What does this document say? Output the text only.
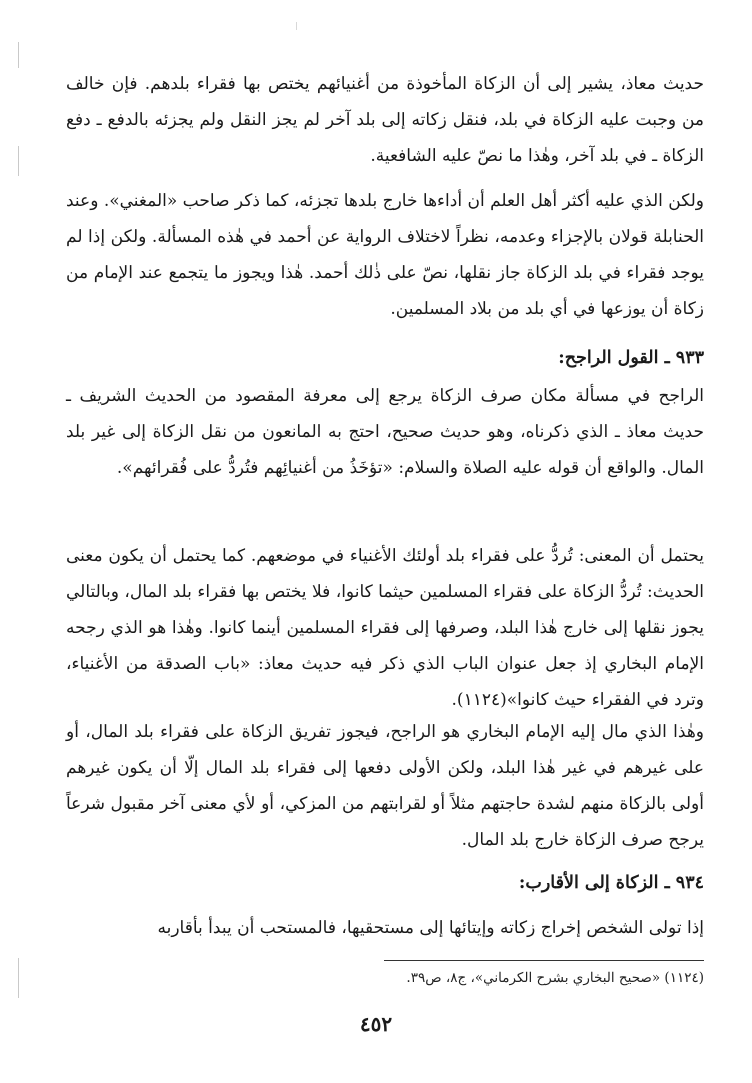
حديث معاذ، يشير إلى أن الزكاة المأخوذة من أغنيائهم يختص بها فقراء بلدهم. فإن خالف من وجبت عليه الزكاة في بلد، فنقل زكاته إلى بلد آخر لم يجز النقل ولم يجزئه بالدفع ـ دفع الزكاة ـ في بلد آخر، وهٰذا ما نصّ عليه الشافعية.

ولكن الذي عليه أكثر أهل العلم أن أداءها خارج بلدها تجزئه، كما ذكر صاحب «المغني». وعند الحنابلة قولان بالإجزاء وعدمه، نظراً لاختلاف الرواية عن أحمد في هٰذه المسألة. ولكن إذا لم يوجد فقراء في بلد الزكاة جاز نقلها، نصّ على ذٰلك أحمد. هٰذا ويجوز ما يتجمع عند الإمام من زكاة أن يوزعها في أي بلد من بلاد المسلمين.

٩٣٣ ـ القول الراجح:

الراجح في مسألة مكان صرف الزكاة يرجع إلى معرفة المقصود من الحديث الشريف ـ حديث معاذ ـ الذي ذكرناه، وهو حديث صحيح، احتج به المانعون من نقل الزكاة إلى غير بلد المال. والواقع أن قوله عليه الصلاة والسلام: «تؤخَذُ من أغنيائِهم فتُردُّ على فُقرائهم».

يحتمل أن المعنى: تُردُّ على فقراء بلد أولئك الأغنياء في موضعهم. كما يحتمل أن يكون معنى الحديث: تُردُّ الزكاة على فقراء المسلمين حيثما كانوا، فلا يختص بها فقراء بلد المال، وبالتالي يجوز نقلها إلى خارج هٰذا البلد، وصرفها إلى فقراء المسلمين أينما كانوا. وهٰذا هو الذي رجحه الإمام البخاري إذ جعل عنوان الباب الذي ذكر فيه حديث معاذ: «باب الصدقة من الأغنياء، وترد في الفقراء حيث كانوا»(١١٢٤).

وهٰذا الذي مال إليه الإمام البخاري هو الراجح، فيجوز تفريق الزكاة على فقراء بلد المال، أو على غيرهم في غير هٰذا البلد، ولكن الأولى دفعها إلى فقراء بلد المال إلّا أن يكون غيرهم أولى بالزكاة منهم لشدة حاجتهم مثلاً أو لقرابتهم من المزكي، أو لأي معنى آخر مقبول شرعاً يرجح صرف الزكاة خارج بلد المال.

٩٣٤ ـ الزكاة إلى الأقارب:

إذا تولى الشخص إخراج زكاته وإيتائها إلى مستحقيها، فالمستحب أن يبدأ بأقاربه

(١١٢٤) «صحيح البخاري بشرح الكرماني»، ج٨، ص٣٩.
٤٥٢
